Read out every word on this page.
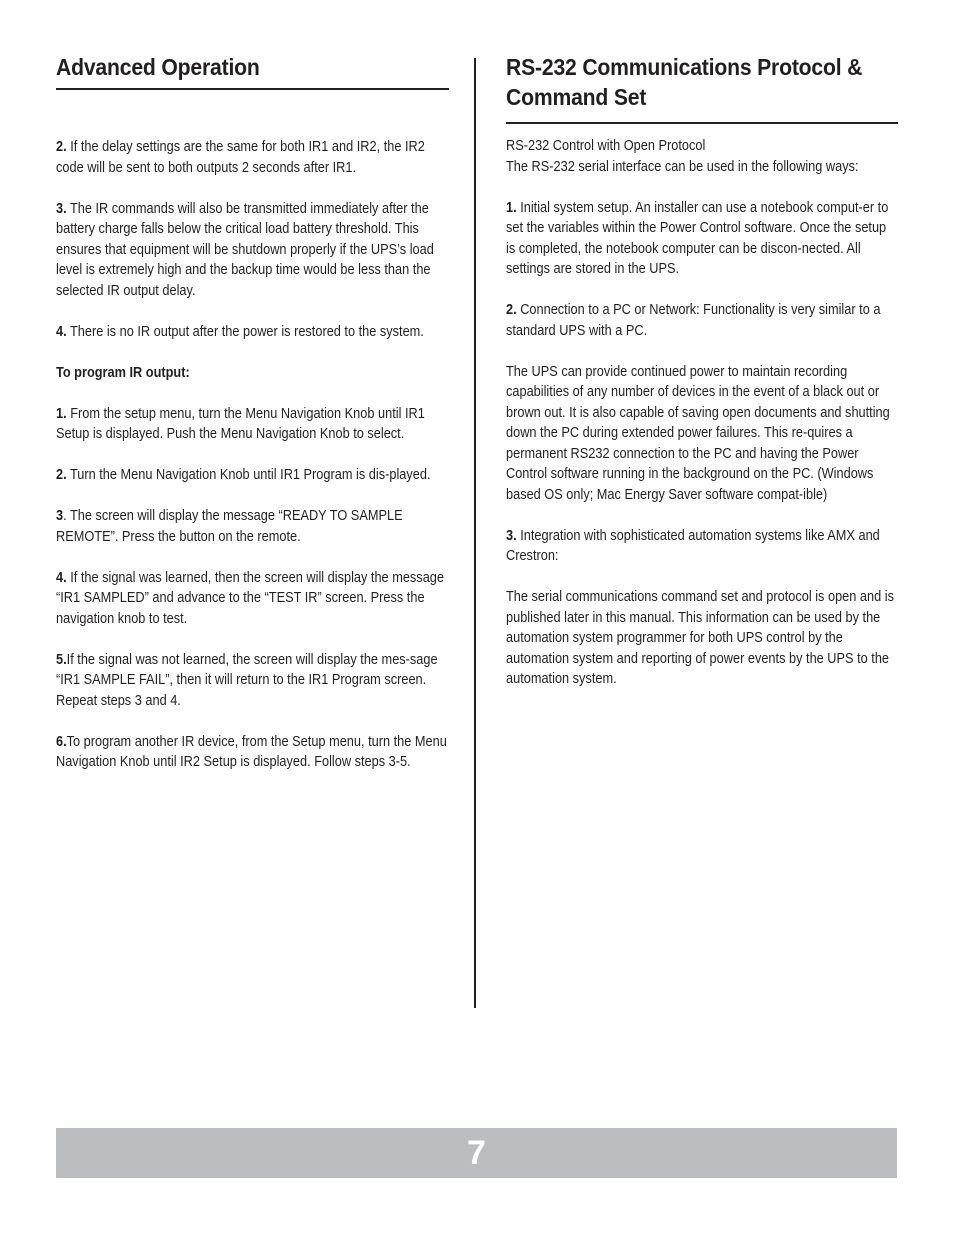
Advanced Operation

2. If the delay settings are the same for both IR1 and IR2, the IR2 code will be sent to both outputs 2 seconds after IR1.

3. The IR commands will also be transmitted immediately after the battery charge falls below the critical load battery threshold. This ensures that equipment will be shutdown properly if the UPS’s load level is extremely high and the backup time would be less than the selected IR output delay.

4. There is no IR output after the power is restored to the system.

To program IR output:

1. From the setup menu, turn the Menu Navigation Knob until IR1 Setup is displayed. Push the Menu Navigation Knob to select.

2. Turn the Menu Navigation Knob until IR1 Program is dis-played.

3. The screen will display the message “READY TO SAMPLE REMOTE”. Press the button on the remote.

4. If the signal was learned, then the screen will display the message “IR1 SAMPLED” and advance to the “TEST IR” screen. Press the navigation knob to test.

5.If the signal was not learned, the screen will display the mes-sage “IR1 SAMPLE FAIL”, then it will return to the IR1 Program screen. Repeat steps 3 and 4.

6.To program another IR device, from the Setup menu, turn the Menu Navigation Knob until IR2 Setup is displayed. Follow steps 3-5.

RS-232 Communications Protocol &
Command Set

RS-232 Control with Open Protocol
The RS-232 serial interface can be used in the following ways:

1. Initial system setup. An installer can use a notebook comput-er to set the variables within the Power Control software. Once the setup is completed, the notebook computer can be discon-nected. All settings are stored in the UPS.

2. Connection to a PC or Network: Functionality is very similar to a standard UPS with a PC.

The UPS can provide continued power to maintain recording capabilities of any number of devices in the event of a black out or brown out. It is also capable of saving open documents and shutting down the PC during extended power failures. This re-quires a permanent RS232 connection to the PC and having the Power Control software running in the background on the PC. (Windows based OS only; Mac Energy Saver software compat-ible)

3. Integration with sophisticated automation systems like AMX and Crestron:

The serial communications command set and protocol is open and is published later in this manual. This information can be used by the automation system programmer for both UPS control by the automation system and reporting of power events by the UPS to the automation system.

7
